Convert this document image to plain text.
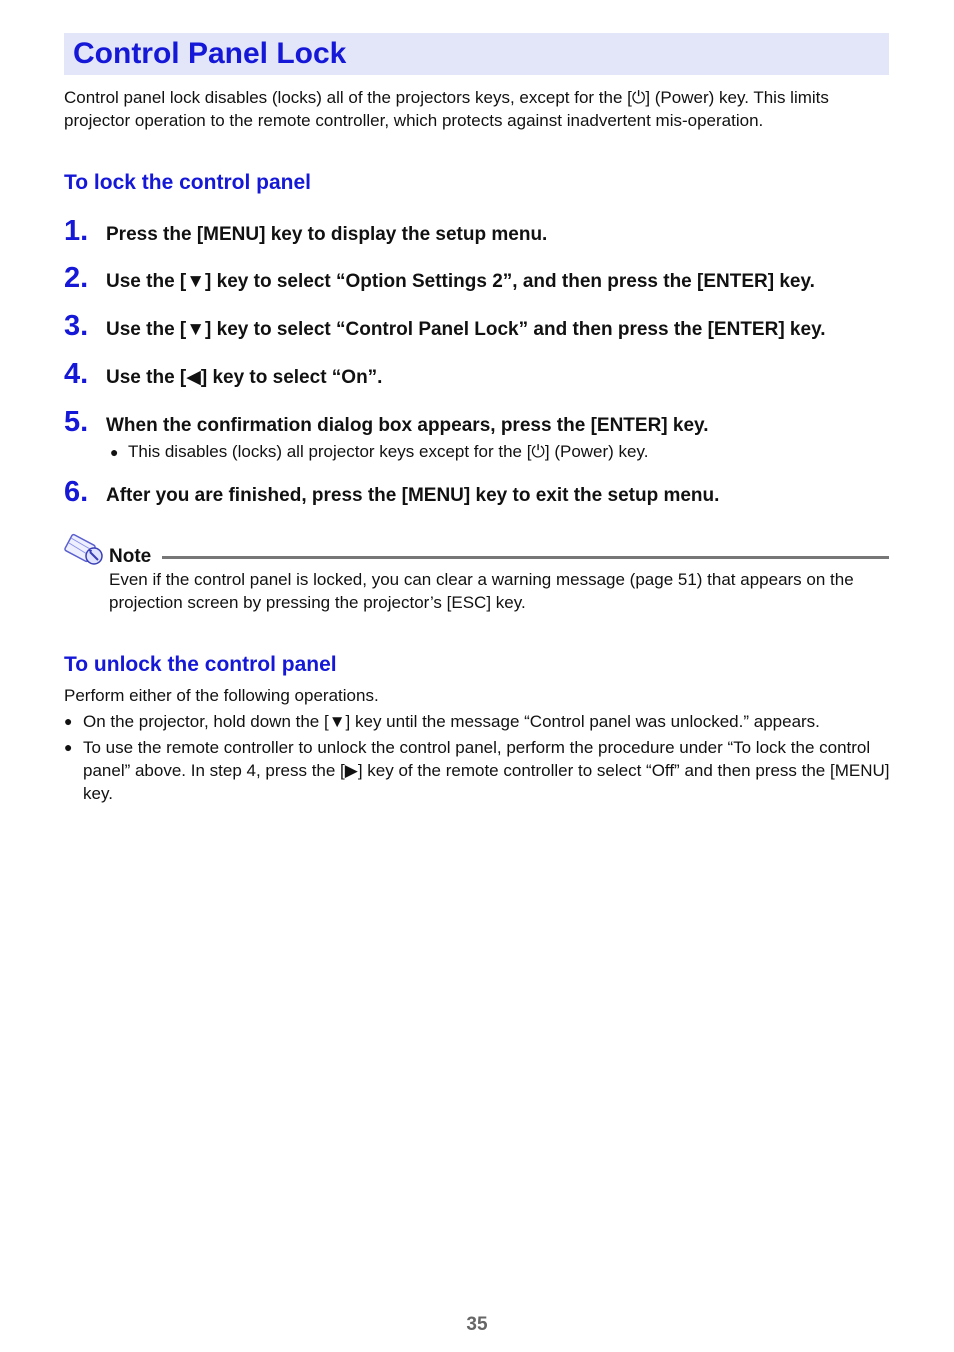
Control Panel Lock

Control panel lock disables (locks) all of the projectors keys, except for the [⏻] (Power) key. This limits projector operation to the remote controller, which protects against inadvertent mis-operation.

To lock the control panel
1. Press the [MENU] key to display the setup menu.
2. Use the [▼] key to select “Option Settings 2”, and then press the [ENTER] key.
3. Use the [▼] key to select “Control Panel Lock” and then press the [ENTER] key.
4. Use the [◀] key to select “On”.
5. When the confirmation dialog box appears, press the [ENTER] key.
● This disables (locks) all projector keys except for the [⏻] (Power) key.
6. After you are finished, press the [MENU] key to exit the setup menu.
Note

Even if the control panel is locked, you can clear a warning message (page 51) that appears on the projection screen by pressing the projector’s [ESC] key.

To unlock the control panel

Perform either of the following operations.

● On the projector, hold down the [▼] key until the message “Control panel was unlocked.” appears.
● To use the remote controller to unlock the control panel, perform the procedure under “To lock the control panel” above. In step 4, press the [▶] key of the remote controller to select “Off” and then press the [MENU] key.
35
